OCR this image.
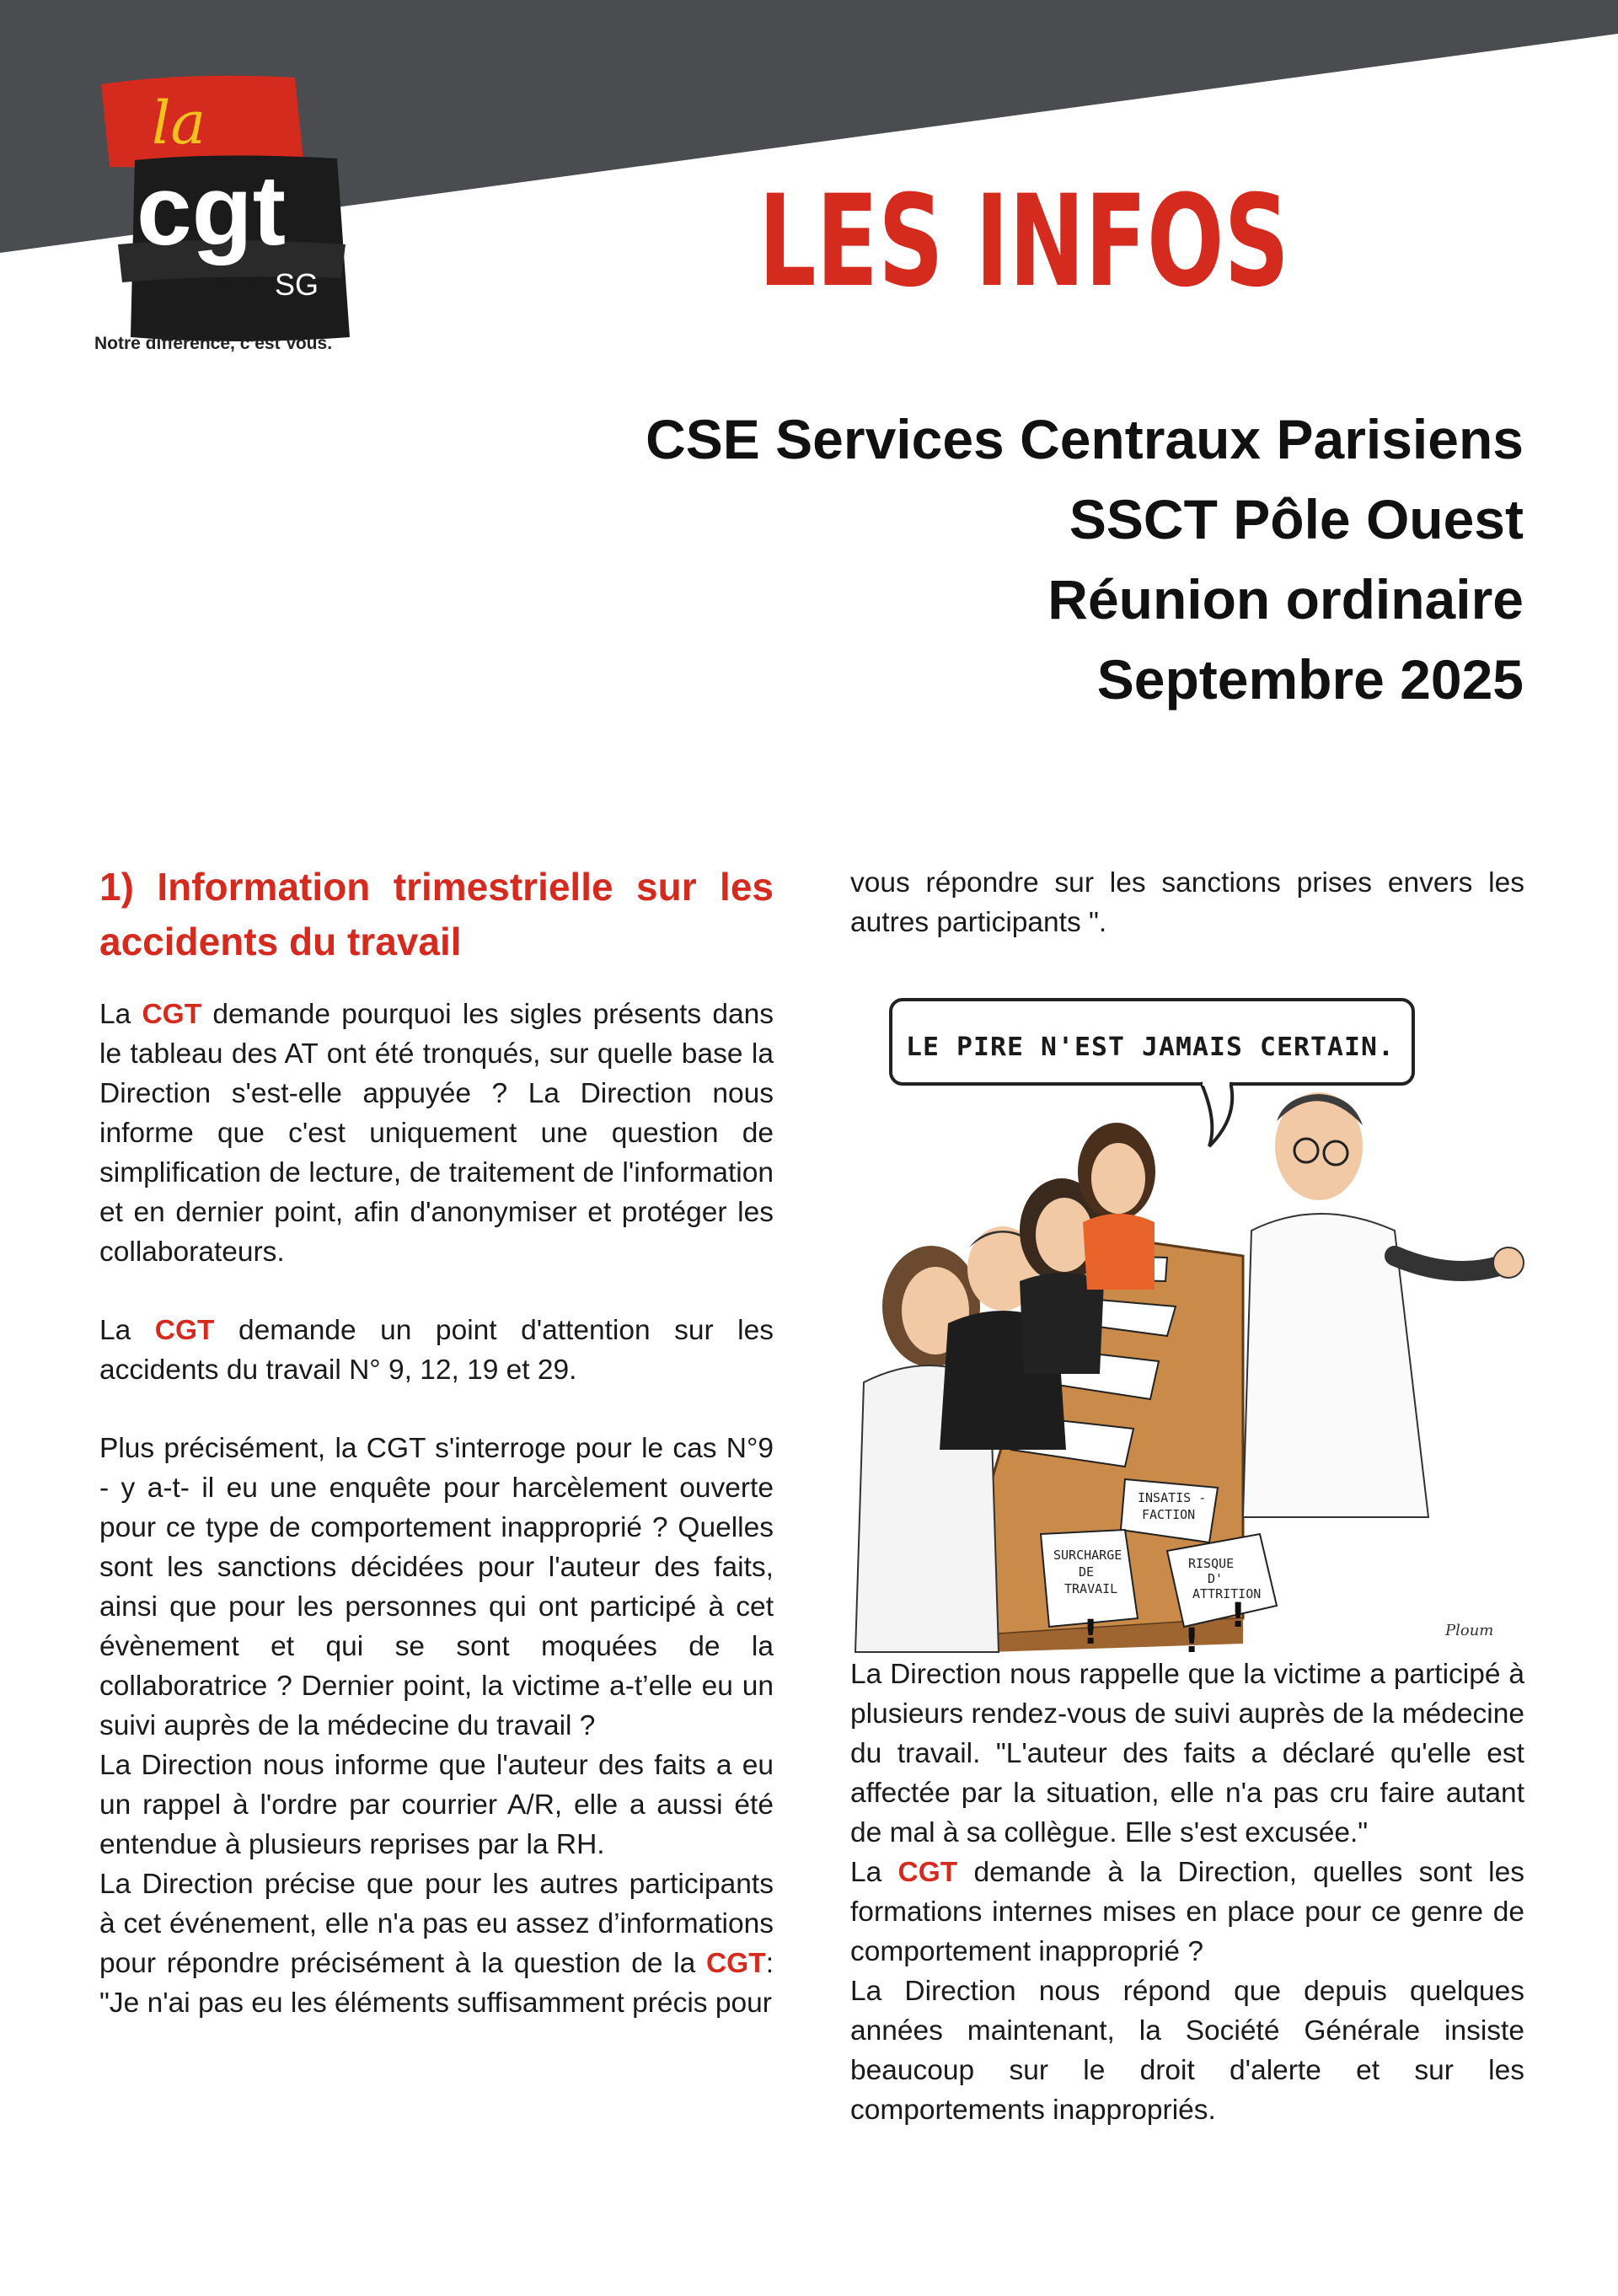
la
cgt
SG
Notre différence, c’est Vous.
LES INFOS
CSE Services Centraux Parisiens
SSCT Pôle Ouest
Réunion ordinaire
Septembre 2025
1) Information trimestrielle sur les accidents du travail

La CGT demande pourquoi les sigles présents dans le tableau des AT ont été tronqués, sur quelle base la Direction s'est-elle appuyée ? La Direction nous informe que c'est uniquement une question de simplification de lecture, de traitement de l'information et en dernier point, afin d'anonymiser et protéger les collaborateurs.

La CGT demande un point d'attention sur les accidents du travail N° 9, 12, 19 et 29.

Plus précisément, la CGT s'interroge pour le cas N°9 - y a-t- il eu une enquête pour harcèlement ouverte pour ce type de comportement inapproprié ? Quelles sont les sanctions décidées pour l'auteur des faits, ainsi que pour les personnes qui ont participé à cet évènement et qui se sont moquées de la collaboratrice ? Dernier point, la victime a-t’elle eu un suivi auprès de la médecine du travail ?

La Direction nous informe que l'auteur des faits a eu un rappel à l'ordre par courrier A/R, elle a aussi été entendue à plusieurs reprises par la RH.

La Direction précise que pour les autres participants à cet événement, elle n'a pas eu assez d’informations pour répondre précisément à la question de la CGT: "Je n'ai pas eu les éléments suffisamment précis pour

vous répondre sur les sanctions prises envers les autres participants ".

LE PIRE N'EST JAMAIS CERTAIN.
INSATIS -
FACTION
SURCHARGE
DE
TRAVAIL
RISQUE
D'
ATTRITION
!
!	!	Ploum

La Direction nous rappelle que la victime a participé à plusieurs rendez-vous de suivi auprès de la médecine du travail. "L'auteur des faits a déclaré qu'elle est affectée par la situation, elle n'a pas cru faire autant de mal à sa collègue. Elle s'est excusée."

La CGT demande à la Direction, quelles sont les formations internes mises en place pour ce genre de comportement inapproprié ?

La Direction nous répond que depuis quelques années maintenant, la Société Générale insiste beaucoup sur le droit d'alerte et sur les comportements inappropriés.
